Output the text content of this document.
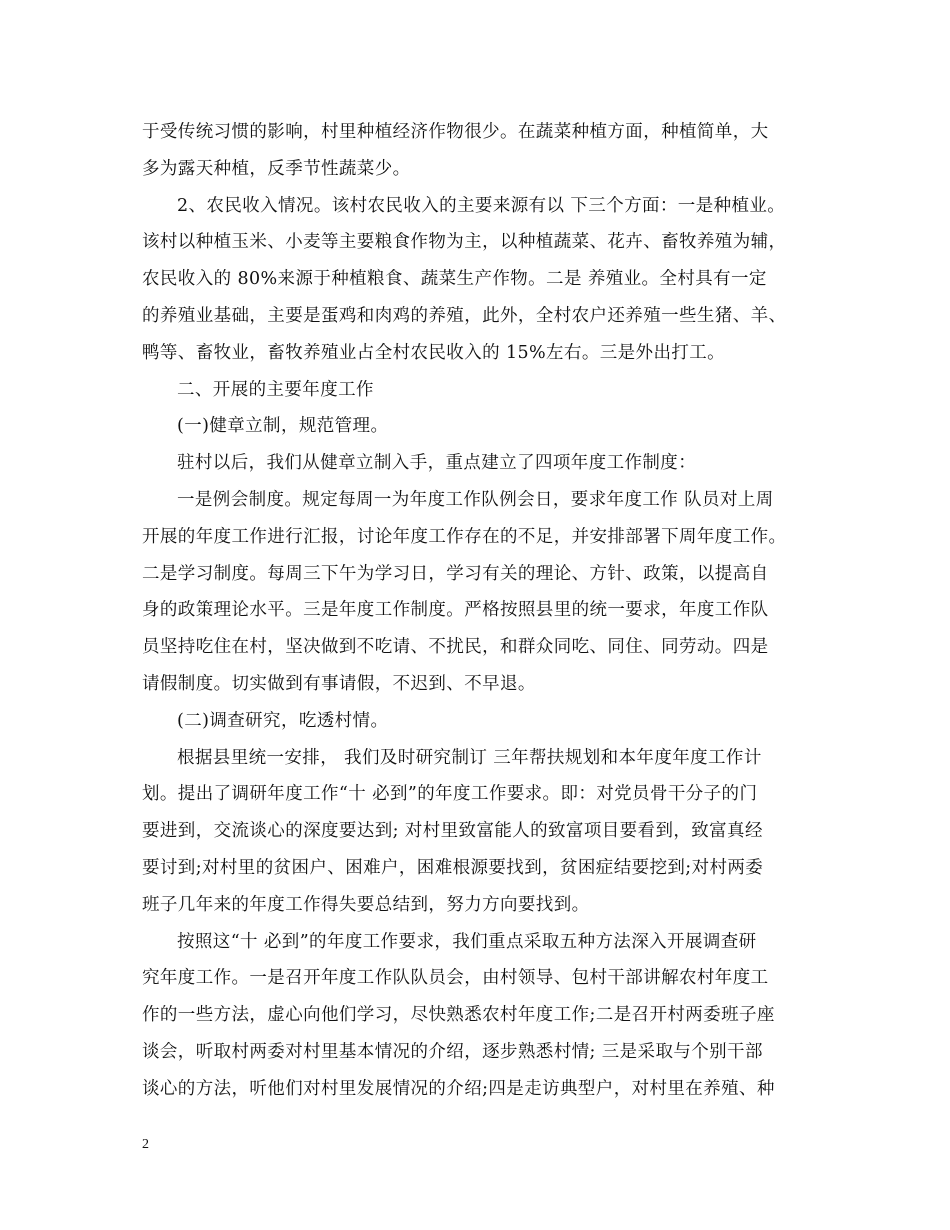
于受传统习惯的影响，村里种植经济作物很少。在蔬菜种植方面，种植简单，大
多为露天种植，反季节性蔬菜少。
2、农民收入情况。该村农民收入的主要来源有以 下三个方面：一是种植业。
该村以种植玉米、小麦等主要粮食作物为主，以种植蔬菜、花卉、畜牧养殖为辅，
农民收入的 80%来源于种植粮食、蔬菜生产作物。二是 养殖业。全村具有一定
的养殖业基础，主要是蛋鸡和肉鸡的养殖，此外，全村农户还养殖一些生猪、羊、
鸭等、畜牧业，畜牧养殖业占全村农民收入的 15%左右。三是外出打工。
二、开展的主要年度工作
(一)健章立制，规范管理。
驻村以后，我们从健章立制入手，重点建立了四项年度工作制度：
一是例会制度。规定每周一为年度工作队例会日，要求年度工作 队员对上周
开展的年度工作进行汇报，讨论年度工作存在的不足，并安排部署下周年度工作。
二是学习制度。每周三下午为学习日，学习有关的理论、方针、政策，以提高自
身的政策理论水平。三是年度工作制度。严格按照县里的统一要求，年度工作队
员坚持吃住在村，坚决做到不吃请、不扰民，和群众同吃、同住、同劳动。四是
请假制度。切实做到有事请假，不迟到、不早退。
(二)调查研究，吃透村情。
根据县里统一安排， 我们及时研究制订 三年帮扶规划和本年度年度工作计
划。提出了调研年度工作“十 必到”的年度工作要求。即：对党员骨干分子的门
要进到，交流谈心的深度要达到; 对村里致富能人的致富项目要看到，致富真经
要讨到;对村里的贫困户、困难户，困难根源要找到，贫困症结要挖到;对村两委
班子几年来的年度工作得失要总结到，努力方向要找到。
按照这“十 必到”的年度工作要求，我们重点采取五种方法深入开展调查研
究年度工作。一是召开年度工作队队员会，由村领导、包村干部讲解农村年度工
作的一些方法，虚心向他们学习，尽快熟悉农村年度工作;二是召开村两委班子座
谈会，听取村两委对村里基本情况的介绍，逐步熟悉村情; 三是采取与个别干部
谈心的方法，听他们对村里发展情况的介绍;四是走访典型户，对村里在养殖、种
2
